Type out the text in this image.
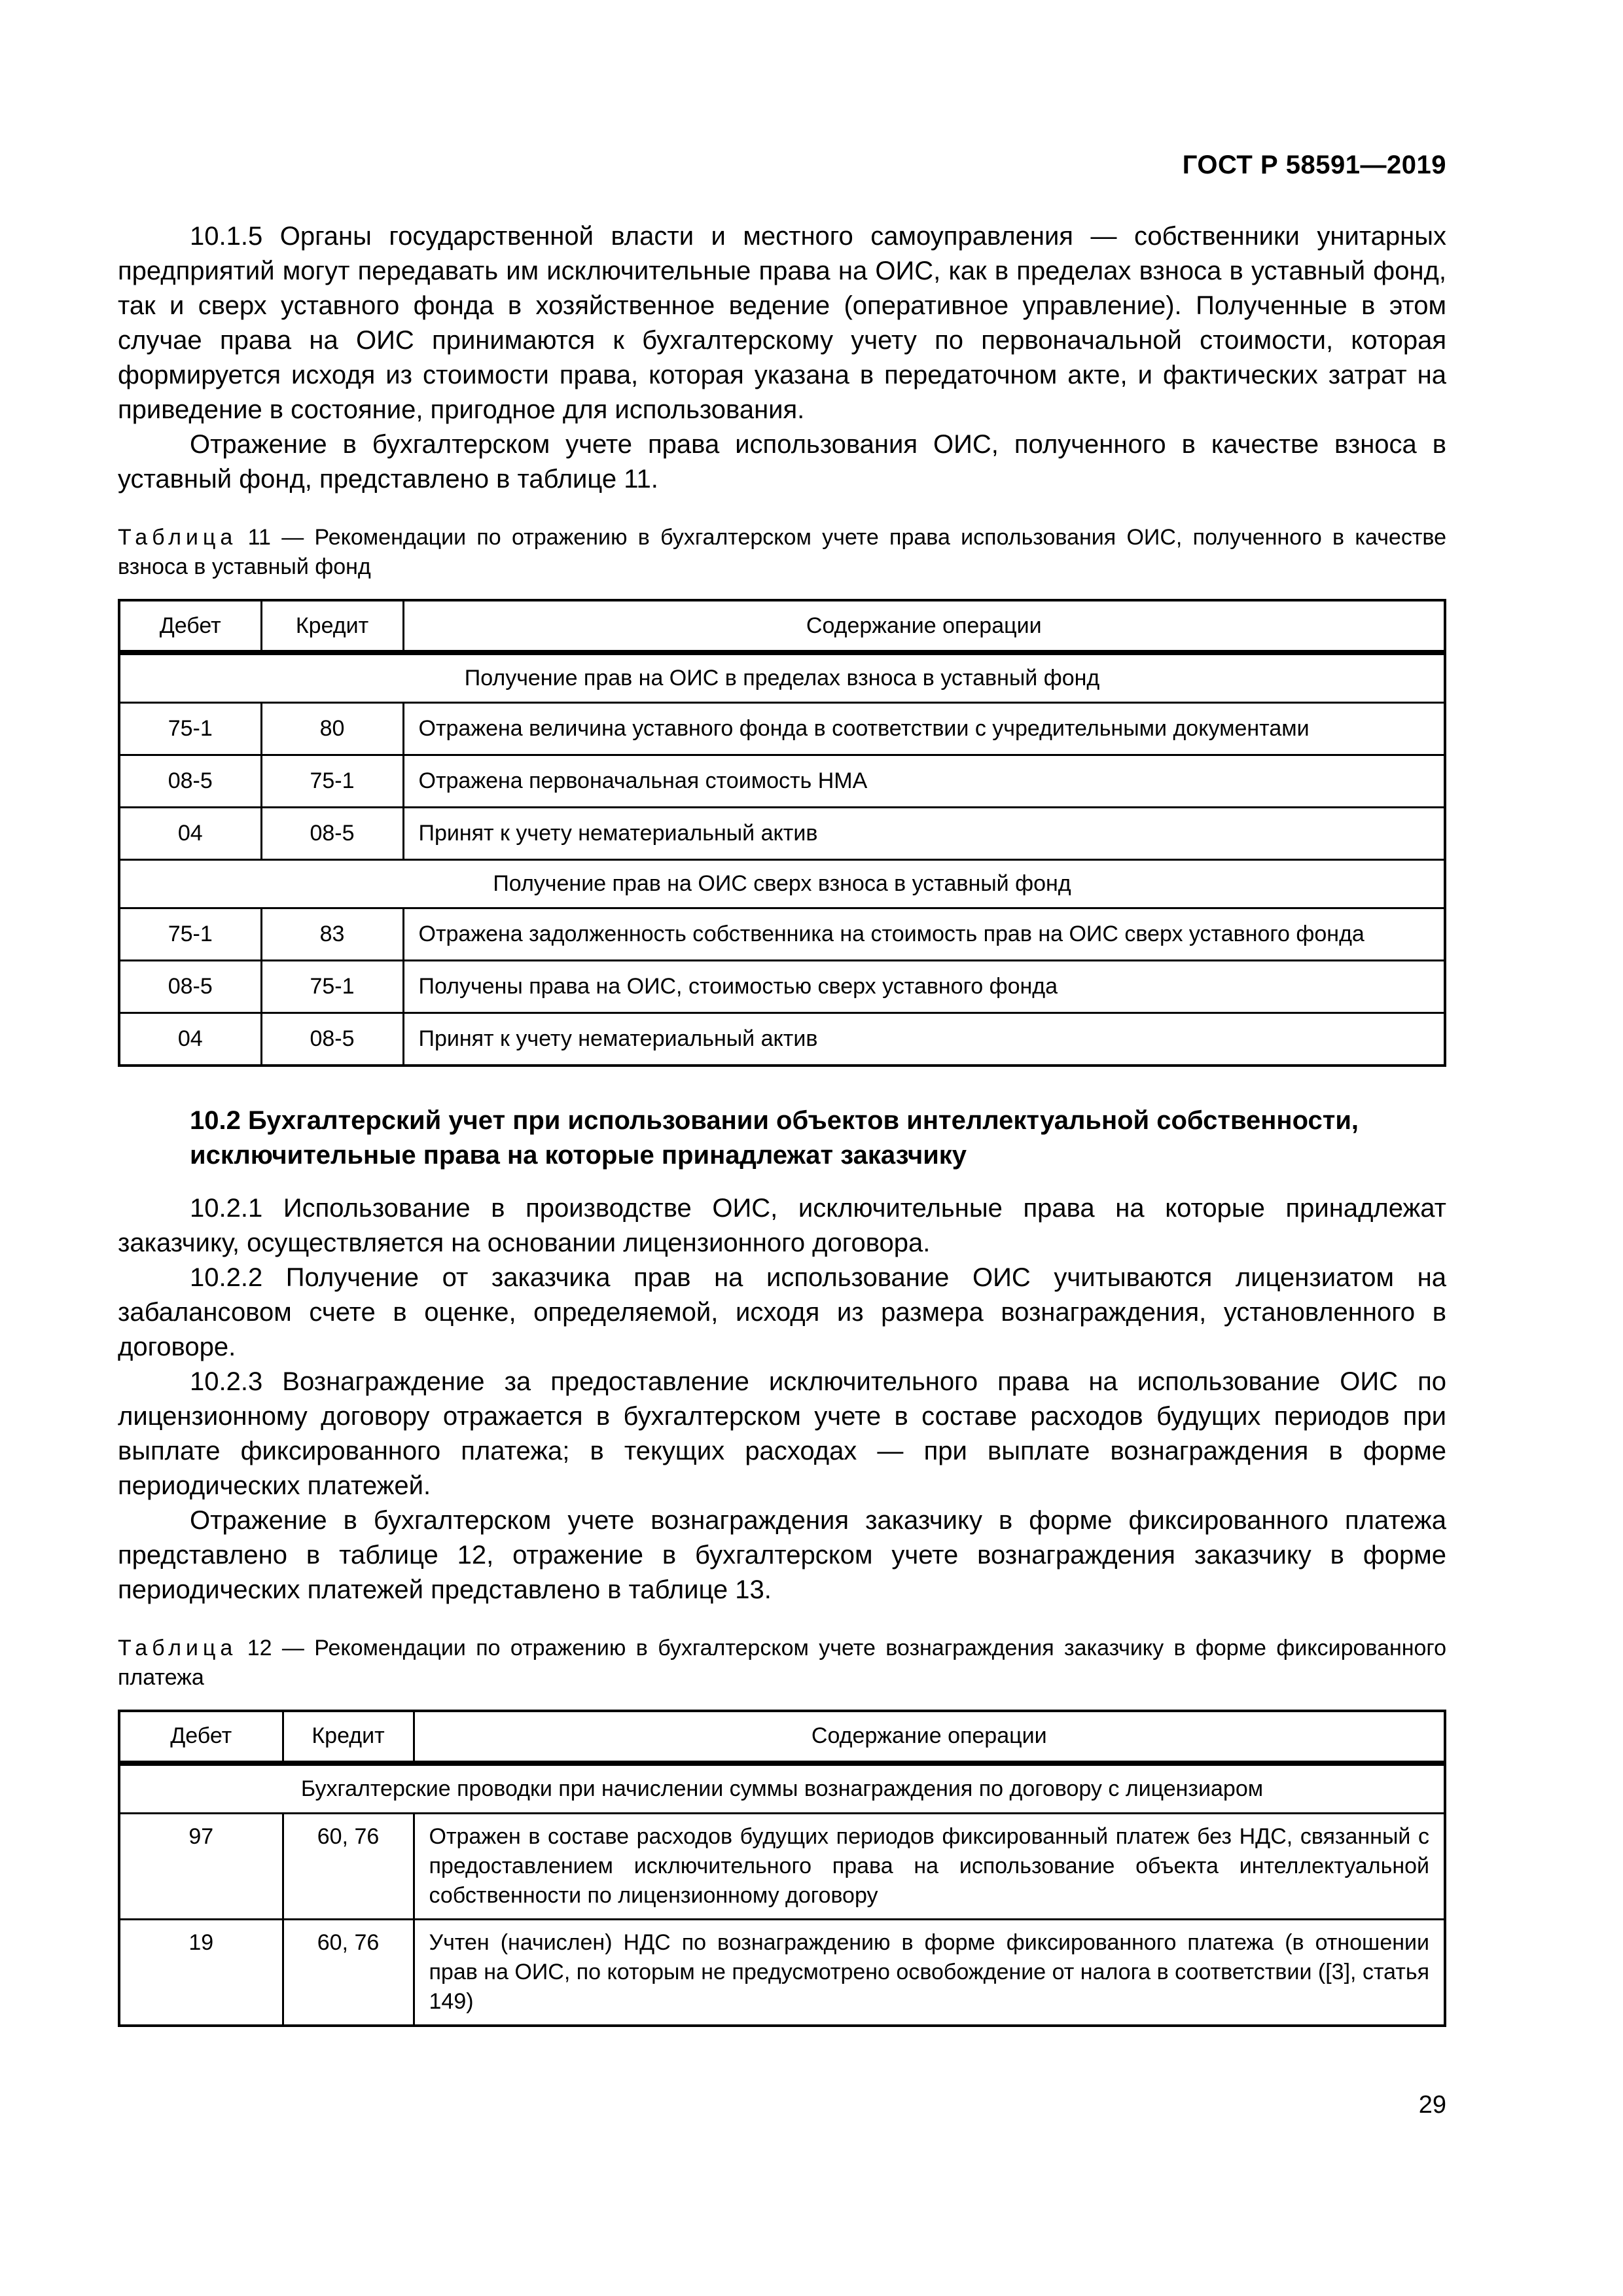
ГОСТ Р 58591—2019

10.1.5 Органы государственной власти и местного самоуправления — собственники унитарных предприятий могут передавать им исключительные права на ОИС, как в пределах взноса в уставный фонд, так и сверх уставного фонда в хозяйственное ведение (оперативное управление). Полученные в этом случае права на ОИС принимаются к бухгалтерскому учету по первоначальной стоимости, которая формируется исходя из стоимости права, которая указана в передаточном акте, и фактических затрат на приведение в состояние, пригодное для использования.

Отражение в бухгалтерском учете права использования ОИС, полученного в качестве взноса в уставный фонд, представлено в таблице 11.

Таблица 11 — Рекомендации по отражению в бухгалтерском учете права использования ОИС, полученного в качестве взноса в уставный фонд
Дебет	Кредит	Содержание операции
Получение прав на ОИС в пределах взноса в уставный фонд		
75-1	80	Отражена величина уставного фонда в соответствии с учредительными документами
08-5	75-1	Отражена первоначальная стоимость НМА
04	08-5	Принят к учету нематериальный актив
Получение прав на ОИС сверх взноса в уставный фонд		
75-1	83	Отражена задолженность собственника на стоимость прав на ОИС сверх уставного фонда
08-5	75-1	Получены права на ОИС, стоимостью сверх уставного фонда
04	08-5	Принят к учету нематериальный актив
10.2 Бухгалтерский учет при использовании объектов интеллектуальной собственности, исключительные права на которые принадлежат заказчику

10.2.1 Использование в производстве ОИС, исключительные права на которые принадлежат заказчику, осуществляется на основании лицензионного договора.

10.2.2 Получение от заказчика прав на использование ОИС учитываются лицензиатом на забалансовом счете в оценке, определяемой, исходя из размера вознаграждения, установленного в договоре.

10.2.3 Вознаграждение за предоставление исключительного права на использование ОИС по лицензионному договору отражается в бухгалтерском учете в составе расходов будущих периодов при выплате фиксированного платежа; в текущих расходах — при выплате вознаграждения в форме периодических платежей.

Отражение в бухгалтерском учете вознаграждения заказчику в форме фиксированного платежа представлено в таблице 12, отражение в бухгалтерском учете вознаграждения заказчику в форме периодических платежей представлено в таблице 13.

Таблица 12 — Рекомендации по отражению в бухгалтерском учете вознаграждения заказчику в форме фиксированного платежа
Дебет	Кредит	Содержание операции
Бухгалтерские проводки при начислении суммы вознаграждения по договору с лицензиаром		
97	60, 76	Отражен в составе расходов будущих периодов фиксированный платеж без НДС, связанный с предоставлением исключительного права на использование объекта интеллектуальной собственности по лицензионному договору
19	60, 76	Учтен (начислен) НДС по вознаграждению в форме фиксированного платежа (в отношении прав на ОИС, по которым не предусмотрено освобождение от налога в соответствии ([3], статья 149)
29
